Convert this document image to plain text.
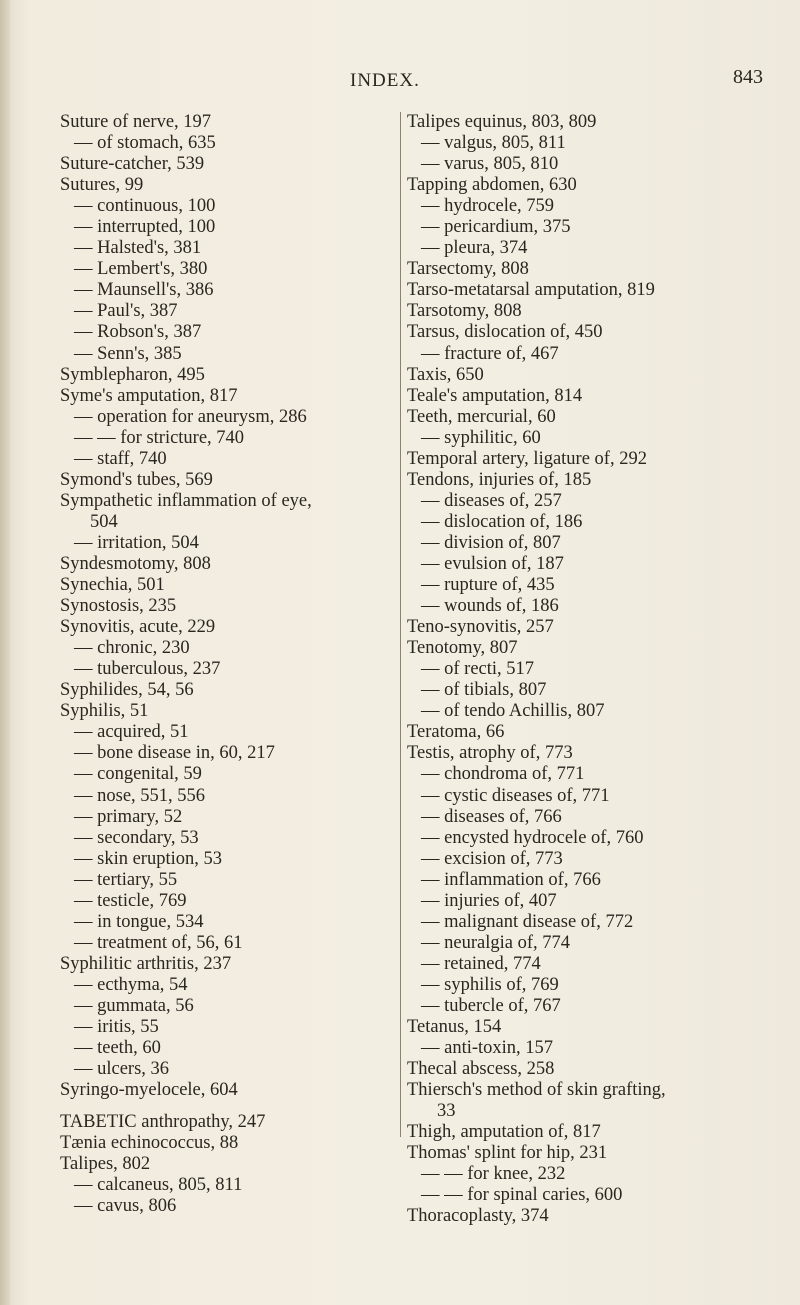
INDEX.	843
Suture of nerve, 197
— of stomach, 635
Suture-catcher, 539
Sutures, 99
— continuous, 100
— interrupted, 100
— Halsted's, 381
— Lembert's, 380
— Maunsell's, 386
— Paul's, 387
— Robson's, 387
— Senn's, 385
Symblepharon, 495
Syme's amputation, 817
— operation for aneurysm, 286
— — for stricture, 740
— staff, 740
Symond's tubes, 569
Sympathetic inflammation of eye,
504
— irritation, 504
Syndesmotomy, 808
Synechia, 501
Synostosis, 235
Synovitis, acute, 229
— chronic, 230
— tuberculous, 237
Syphilides, 54, 56
Syphilis, 51
— acquired, 51
— bone disease in, 60, 217
— congenital, 59
— nose, 551, 556
— primary, 52
— secondary, 53
— skin eruption, 53
— tertiary, 55
— testicle, 769
— in tongue, 534
— treatment of, 56, 61
Syphilitic arthritis, 237
— ecthyma, 54
— gummata, 56
— iritis, 55
— teeth, 60
— ulcers, 36
Syringo-myelocele, 604
TABETIC anthropathy, 247
Tænia echinococcus, 88
Talipes, 802
— calcaneus, 805, 811
— cavus, 806
Talipes equinus, 803, 809
— valgus, 805, 811
— varus, 805, 810
Tapping abdomen, 630
— hydrocele, 759
— pericardium, 375
— pleura, 374
Tarsectomy, 808
Tarso-metatarsal amputation, 819
Tarsotomy, 808
Tarsus, dislocation of, 450
— fracture of, 467
Taxis, 650
Teale's amputation, 814
Teeth, mercurial, 60
— syphilitic, 60
Temporal artery, ligature of, 292
Tendons, injuries of, 185
— diseases of, 257
— dislocation of, 186
— division of, 807
— evulsion of, 187
— rupture of, 435
— wounds of, 186
Teno-synovitis, 257
Tenotomy, 807
— of recti, 517
— of tibials, 807
— of tendo Achillis, 807
Teratoma, 66
Testis, atrophy of, 773
— chondroma of, 771
— cystic diseases of, 771
— diseases of, 766
— encysted hydrocele of, 760
— excision of, 773
— inflammation of, 766
— injuries of, 407
— malignant disease of, 772
— neuralgia of, 774
— retained, 774
— syphilis of, 769
— tubercle of, 767
Tetanus, 154
— anti-toxin, 157
Thecal abscess, 258
Thiersch's method of skin grafting,
33
Thigh, amputation of, 817
Thomas' splint for hip, 231
— — for knee, 232
— — for spinal caries, 600
Thoracoplasty, 374
